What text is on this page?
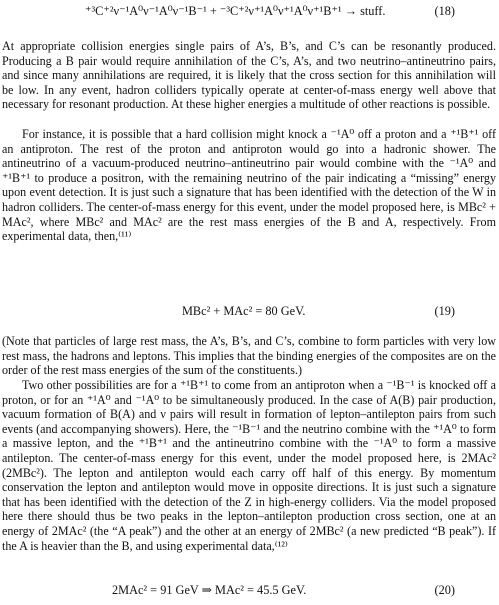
⁺³C⁺²ν⁻¹A⁰ν⁻¹A⁰ν⁻¹B⁻¹ + ⁻³C⁺²ν⁺¹A⁰ν⁺¹A⁰ν⁺¹B⁺¹ → stuff.	(18)

At appropriate collision energies single pairs of A’s, B’s, and C’s can be resonantly produced. Producing a B pair would require annihilation of the C’s, A’s, and two neutrino–antineutrino pairs, and since many annihilations are required, it is likely that the cross section for this annihilation will be low. In any event, hadron colliders typically operate at center-of-mass energy well above that necessary for resonant production. At these higher energies a multitude of other reactions is possible.

For instance, it is possible that a hard collision might knock a ⁻¹A⁰ off a proton and a ⁺¹B⁺¹ off an antiproton. The rest of the proton and antiproton would go into a hadronic shower. The antineutrino of a vacuum-produced neutrino–antineutrino pair would combine with the ⁻¹A⁰ and ⁺¹B⁺¹ to produce a positron, with the remaining neutrino of the pair indicating a “missing” energy upon event detection. It is just such a signature that has been identified with the detection of the W in hadron colliders. The center-of-mass energy for this event, under the model proposed here, is MBc² + MAc², where MBc² and MAc² are the rest mass energies of the B and A, respectively. From experimental data, then,⁽¹¹⁾

MBc² + MAc² = 80 GeV.	(19)

(Note that particles of large rest mass, the A’s, B’s, and C’s, combine to form particles with very low rest mass, the hadrons and leptons. This implies that the binding energies of the composites are on the order of the rest mass energies of the sum of the constituents.)

Two other possibilities are for a ⁺¹B⁺¹ to come from an antiproton when a ⁻¹B⁻¹ is knocked off a proton, or for an ⁺¹A⁰ and ⁻¹A⁰ to be simultaneously produced. In the case of A(B) pair production, vacuum formation of B(A) and ν pairs will result in formation of lepton–antilepton pairs from such events (and accompanying showers). Here, the ⁻¹B⁻¹ and the neutrino combine with the ⁺¹A⁰ to form a massive lepton, and the ⁺¹B⁺¹ and the antineutrino combine with the ⁻¹A⁰ to form a massive antilepton. The center-of-mass energy for this event, under the model proposed here, is 2MAc² (2MBc²). The lepton and antilepton would each carry off half of this energy. By momentum conservation the lepton and antilepton would move in opposite directions. It is just such a signature that has been identified with the detection of the Z in high-energy colliders. Via the model proposed here there should thus be two peaks in the lepton–antilepton production cross section, one at an energy of 2MAc² (the “A peak”) and the other at an energy of 2MBc² (a new predicted “B peak”). If the A is heavier than the B, and using experimental data,⁽¹²⁾

2MAc² = 91 GeV ⇒ MAc² = 45.5 GeV.	(20)
